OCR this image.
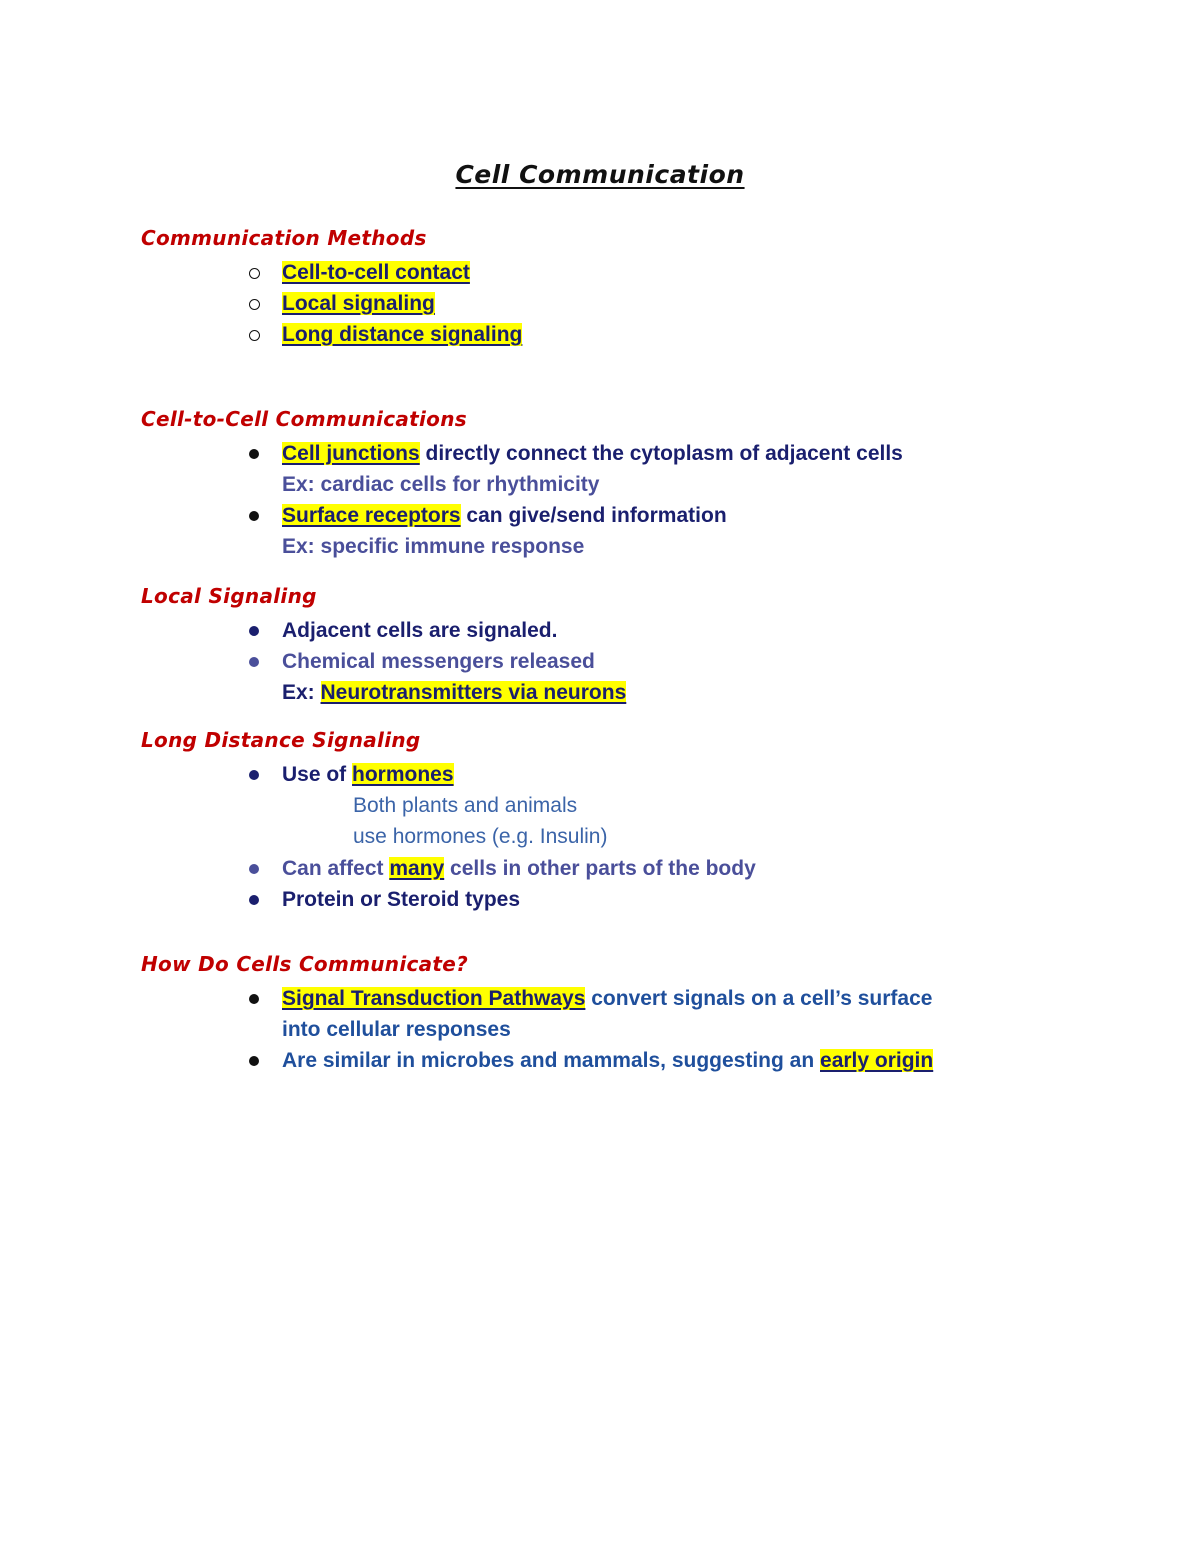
Cell Communication
Communication Methods
Cell-to-cell contact
Local signaling
Long distance signaling
Cell-to-Cell Communications
Cell junctions directly connect the cytoplasm of adjacent cells
Ex: cardiac cells for rhythmicity
Surface receptors can give/send information
Ex: specific immune response
Local Signaling
Adjacent cells are signaled.
Chemical messengers released
Ex: Neurotransmitters via neurons
Long Distance Signaling
Use of hormones
Both plants and animals
use hormones (e.g. Insulin)
Can affect many cells in other parts of the body
Protein or Steroid types
How Do Cells Communicate?
Signal Transduction Pathways convert signals on a cell’s surface
into cellular responses
Are similar in microbes and mammals, suggesting an early origin
